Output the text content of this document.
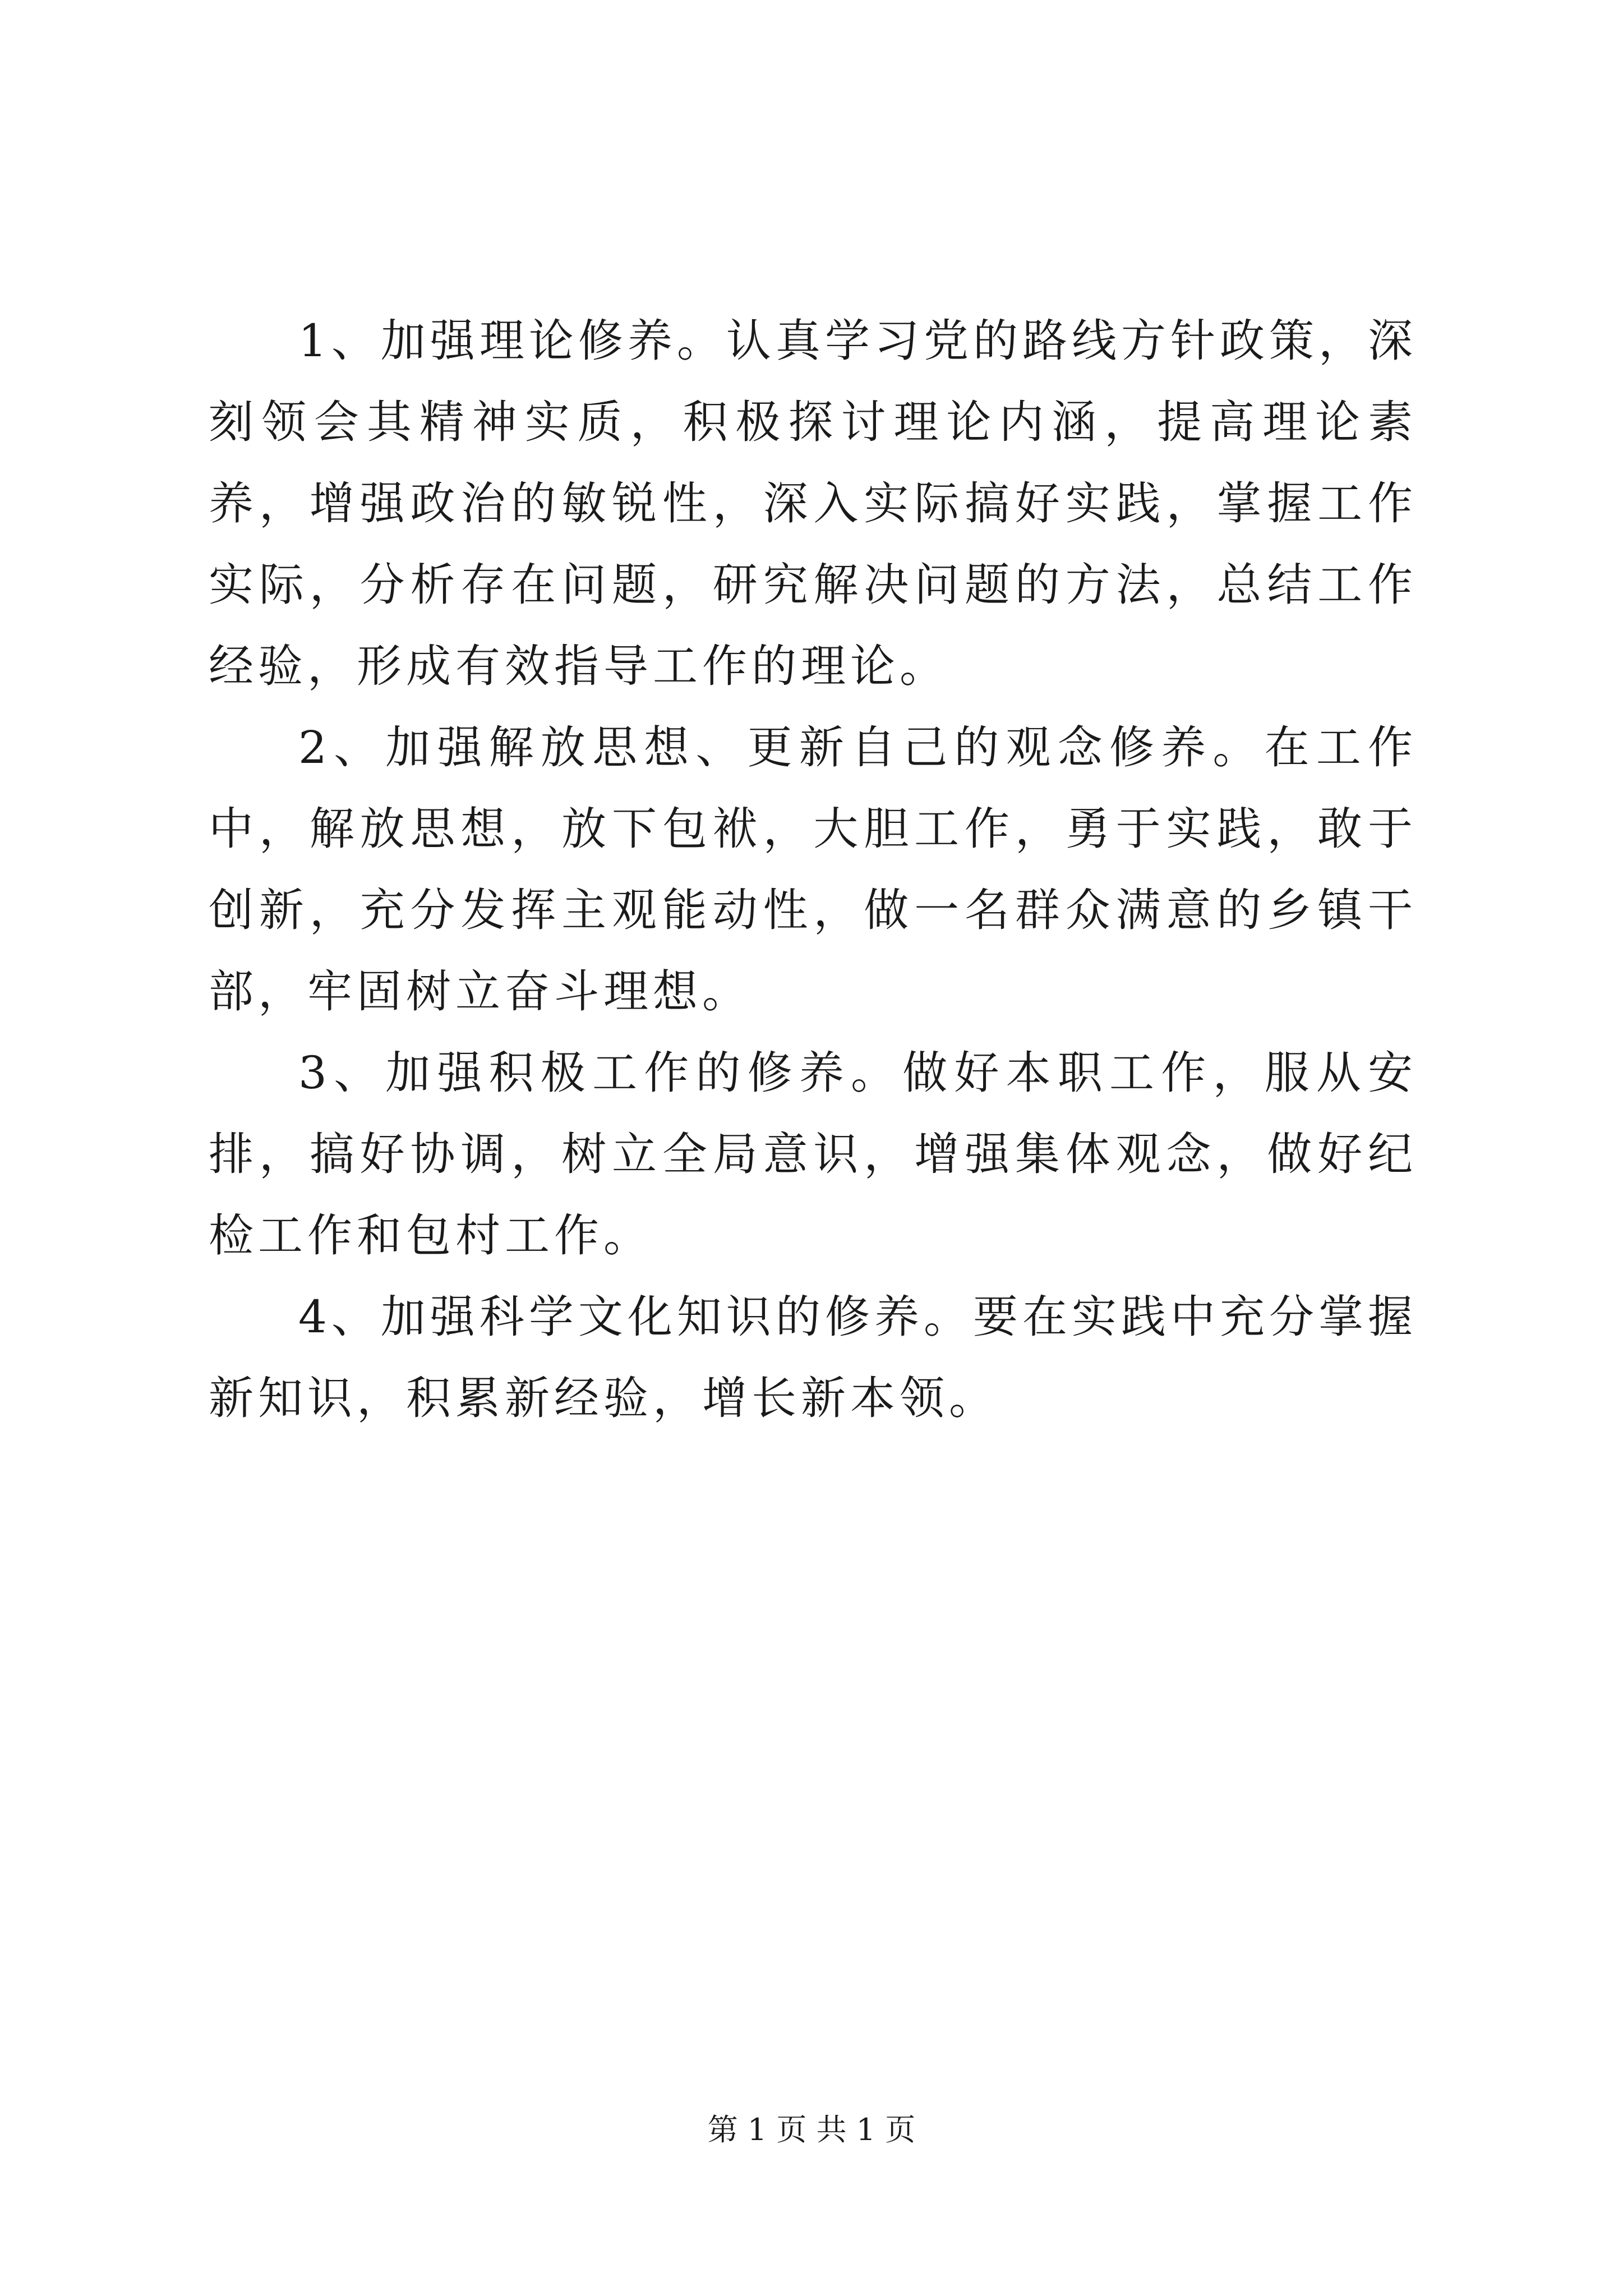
1、加强理论修养。认真学习党的路线方针政策，深刻领会其精神实质，积极探讨理论内涵，提高理论素养，增强政治的敏锐性，深入实际搞好实践，掌握工作实际，分析存在问题，研究解决问题的方法，总结工作经验，形成有效指导工作的理论。

2、加强解放思想、更新自己的观念修养。在工作中，解放思想，放下包袱，大胆工作，勇于实践，敢于创新，充分发挥主观能动性，做一名群众满意的乡镇干部，牢固树立奋斗理想。

3、加强积极工作的修养。做好本职工作，服从安排，搞好协调，树立全局意识，增强集体观念，做好纪检工作和包村工作。

4、加强科学文化知识的修养。要在实践中充分掌握新知识，积累新经验，增长新本领。

第 1 页 共 1 页
